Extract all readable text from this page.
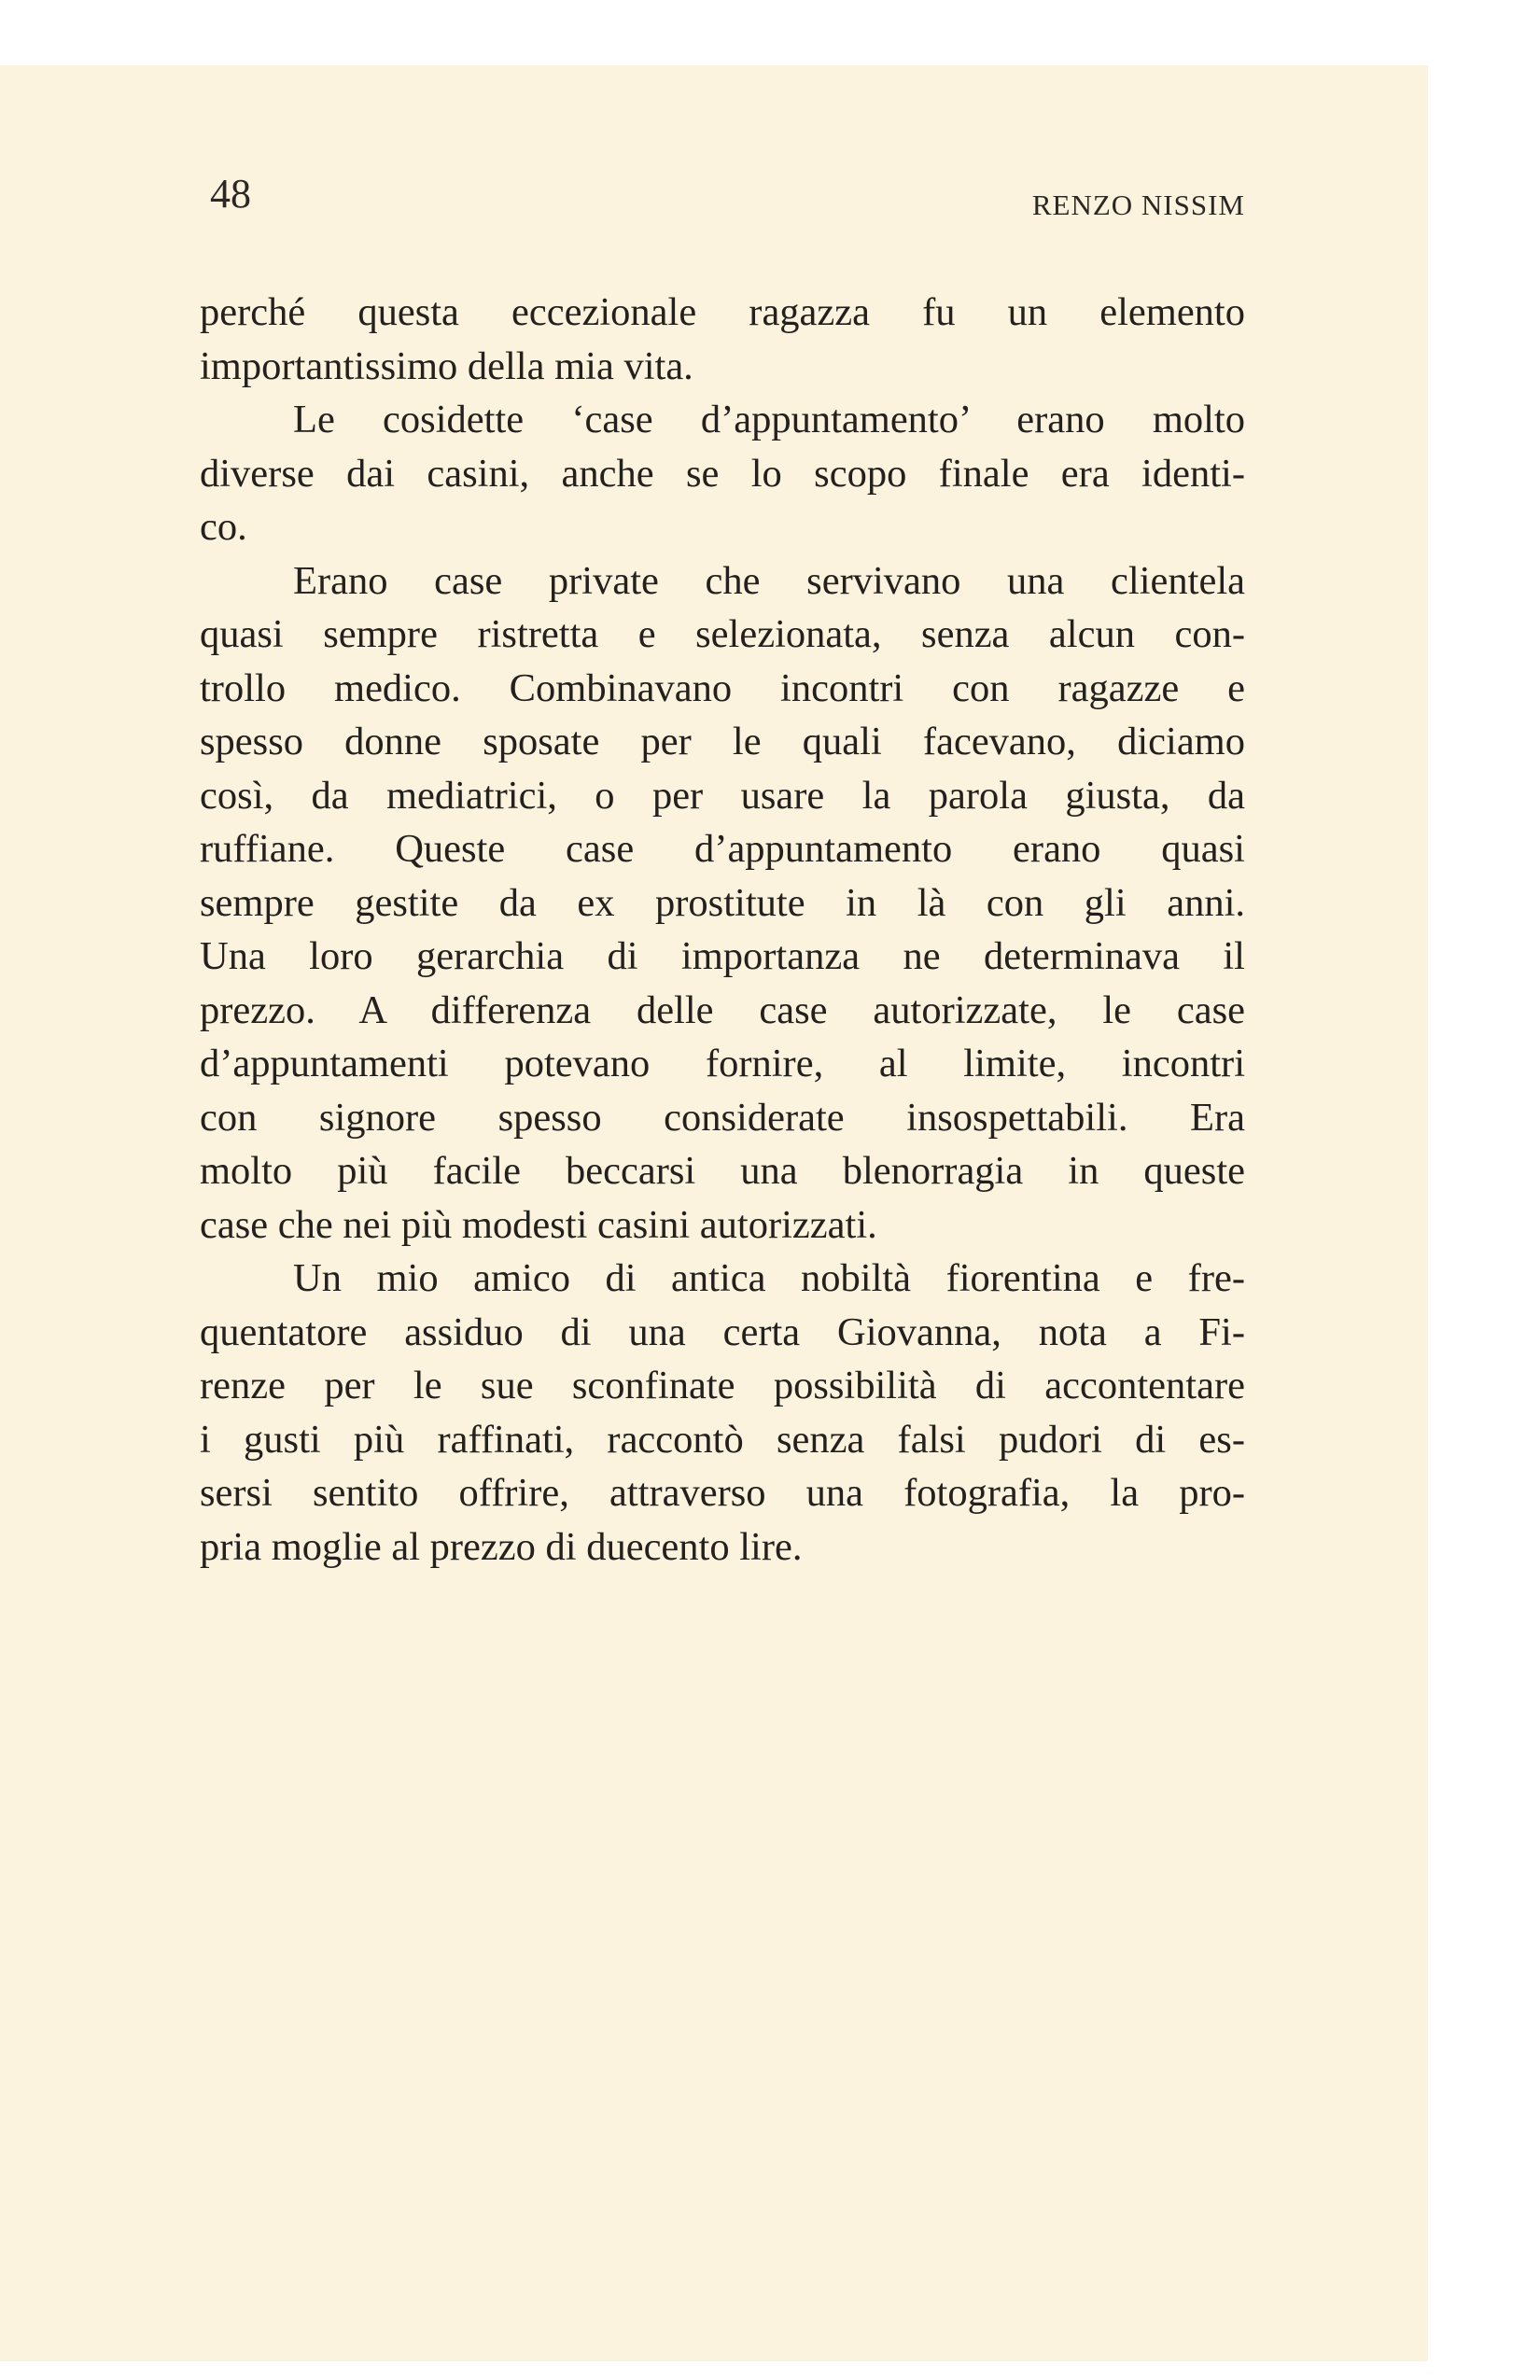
48	RENZO NISSIM

perché questa eccezionale ragazza fu un elemento
importantissimo della mia vita.

Le cosidette ‘case d’appuntamento’ erano molto
diverse dai casini, anche se lo scopo finale era identi-
co.

Erano case private che servivano una clientela
quasi sempre ristretta e selezionata, senza alcun con-
trollo medico. Combinavano incontri con ragazze e
spesso donne sposate per le quali facevano, diciamo
così, da mediatrici, o per usare la parola giusta, da
ruffiane. Queste case d’appuntamento erano quasi
sempre gestite da ex prostitute in là con gli anni.
Una loro gerarchia di importanza ne determinava il
prezzo. A differenza delle case autorizzate, le case
d’appuntamenti potevano fornire, al limite, incontri
con signore spesso considerate insospettabili. Era
molto più facile beccarsi una blenorragia in queste
case che nei più modesti casini autorizzati.

Un mio amico di antica nobiltà fiorentina e fre-
quentatore assiduo di una certa Giovanna, nota a Fi-
renze per le sue sconfinate possibilità di accontentare
i gusti più raffinati, raccontò senza falsi pudori di es-
sersi sentito offrire, attraverso una fotografia, la pro-
pria moglie al prezzo di duecento lire.
